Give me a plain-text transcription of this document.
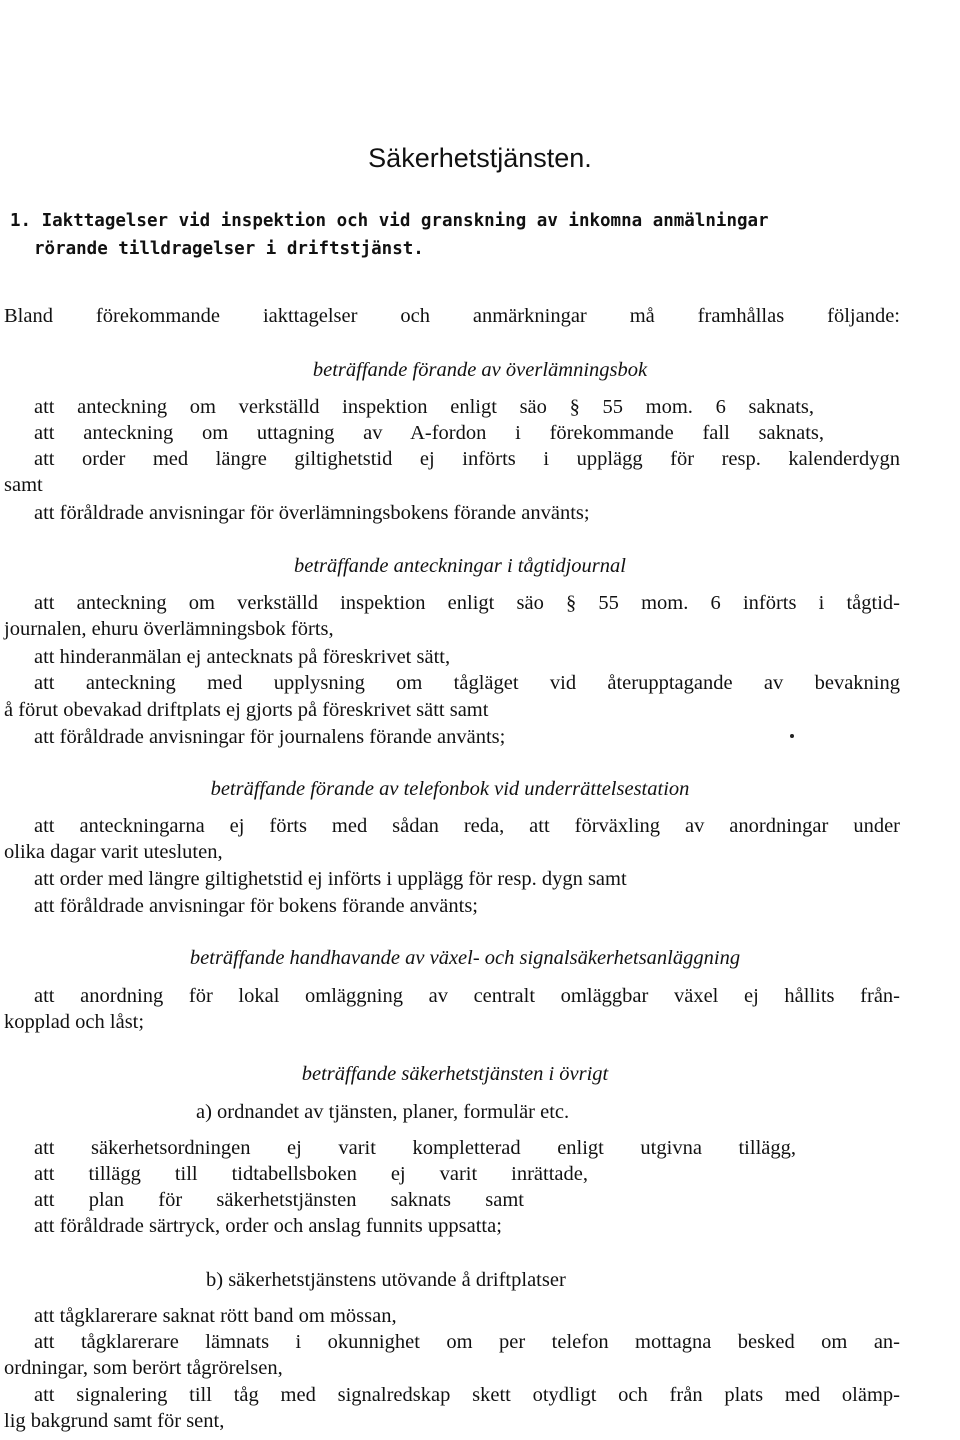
Säkerhetstjänsten.
1. Iakttagelser vid inspektion och vid granskning av inkomna anmälningar
rörande tilldragelser i driftstjänst.
Bland förekommande iakttagelser och anmärkningar må framhållas följande:
beträffande förande av överlämningsbok
att anteckning om verkställd inspektion enligt säo § 55 mom. 6 saknats,
att anteckning om uttagning av A-fordon i förekommande fall saknats,
att order med längre giltighetstid ej införts i upplägg för resp. kalenderdygn
samt
att föråldrade anvisningar för överlämningsbokens förande använts;
beträffande anteckningar i tågtidjournal
att anteckning om verkställd inspektion enligt säo § 55 mom. 6 införts i tågtid-
journalen, ehuru överlämningsbok förts,
att hinderanmälan ej antecknats på föreskrivet sätt,
att anteckning med upplysning om tågläget vid återupptagande av bevakning
å förut obevakad driftplats ej gjorts på föreskrivet sätt samt
att föråldrade anvisningar för journalens förande använts;
beträffande förande av telefonbok vid underrättelsestation
att anteckningarna ej förts med sådan reda, att förväxling av anordningar under
olika dagar varit utesluten,
att order med längre giltighetstid ej införts i upplägg för resp. dygn samt
att föråldrade anvisningar för bokens förande använts;
beträffande handhavande av växel- och signalsäkerhetsanläggning
att anordning för lokal omläggning av centralt omläggbar växel ej hållits från-
kopplad och låst;
beträffande säkerhetstjänsten i övrigt
a) ordnandet av tjänsten, planer, formulär etc.
att säkerhetsordningen ej varit kompletterad enligt utgivna tillägg,
att tillägg till tidtabellsboken ej varit inrättade,
att plan för säkerhetstjänsten saknats samt
att föråldrade särtryck, order och anslag funnits uppsatta;
b) säkerhetstjänstens utövande å driftplatser
att tågklarerare saknat rött band om mössan,
att tågklarerare lämnats i okunnighet om per telefon mottagna besked om an-
ordningar, som berört tågrörelsen,
att signalering till tåg med signalredskap skett otydligt och från plats med olämp-
lig bakgrund samt för sent,
